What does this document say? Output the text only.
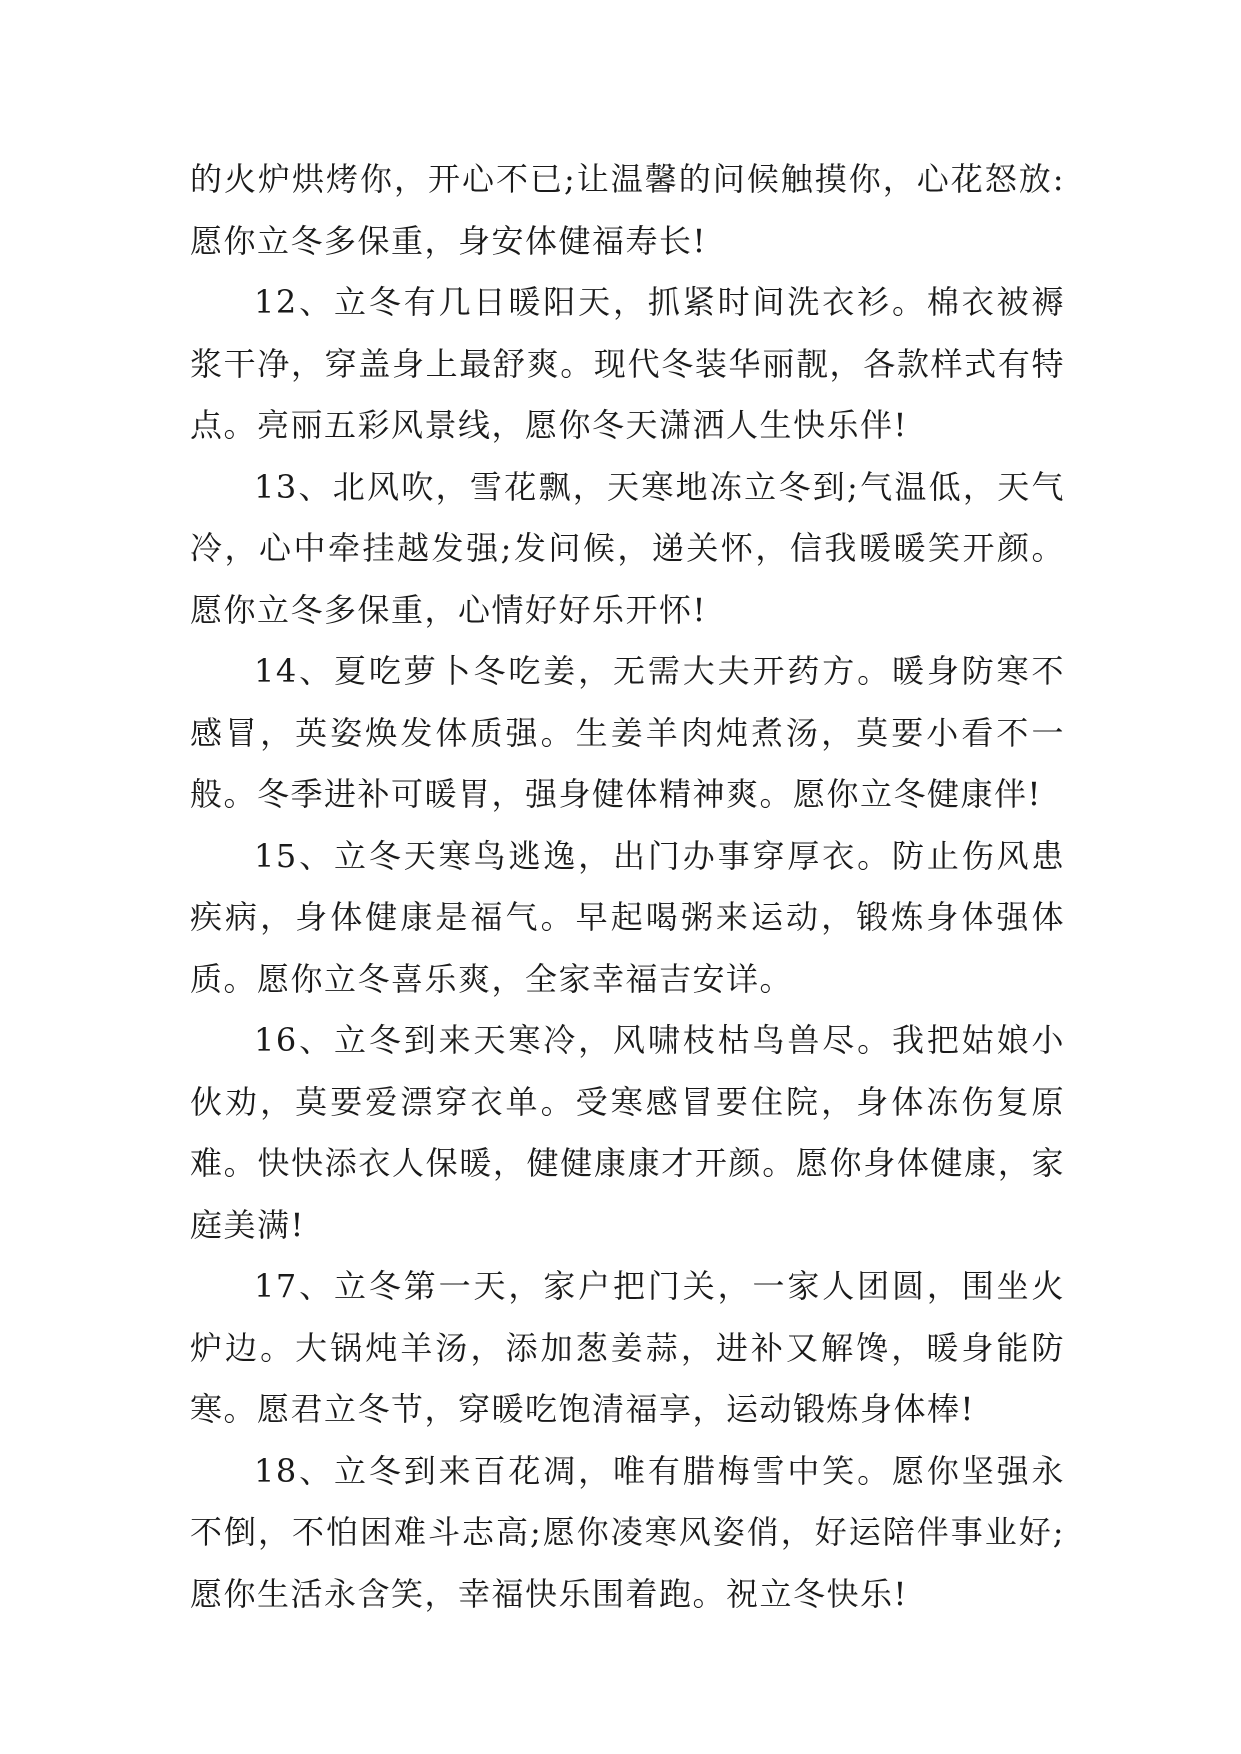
的火炉烘烤你，开心不已;让温馨的问候触摸你，心花怒放:愿你立冬多保重，身安体健福寿长!

12、立冬有几日暖阳天，抓紧时间洗衣衫。棉衣被褥浆干净，穿盖身上最舒爽。现代冬装华丽靓，各款样式有特点。亮丽五彩风景线，愿你冬天潇洒人生快乐伴!

13、北风吹，雪花飘，天寒地冻立冬到;气温低，天气冷，心中牵挂越发强;发问候，递关怀，信我暖暖笑开颜。愿你立冬多保重，心情好好乐开怀!

14、夏吃萝卜冬吃姜，无需大夫开药方。暖身防寒不感冒，英姿焕发体质强。生姜羊肉炖煮汤，莫要小看不一般。冬季进补可暖胃，强身健体精神爽。愿你立冬健康伴!

15、立冬天寒鸟逃逸，出门办事穿厚衣。防止伤风患疾病，身体健康是福气。早起喝粥来运动，锻炼身体强体质。愿你立冬喜乐爽，全家幸福吉安详。

16、立冬到来天寒冷，风啸枝枯鸟兽尽。我把姑娘小伙劝，莫要爱漂穿衣单。受寒感冒要住院，身体冻伤复原难。快快添衣人保暖，健健康康才开颜。愿你身体健康，家庭美满!

17、立冬第一天，家户把门关，一家人团圆，围坐火炉边。大锅炖羊汤，添加葱姜蒜，进补又解馋，暖身能防寒。愿君立冬节，穿暖吃饱清福享，运动锻炼身体棒!

18、立冬到来百花凋，唯有腊梅雪中笑。愿你坚强永不倒，不怕困难斗志高;愿你凌寒风姿俏，好运陪伴事业好;愿你生活永含笑，幸福快乐围着跑。祝立冬快乐!
